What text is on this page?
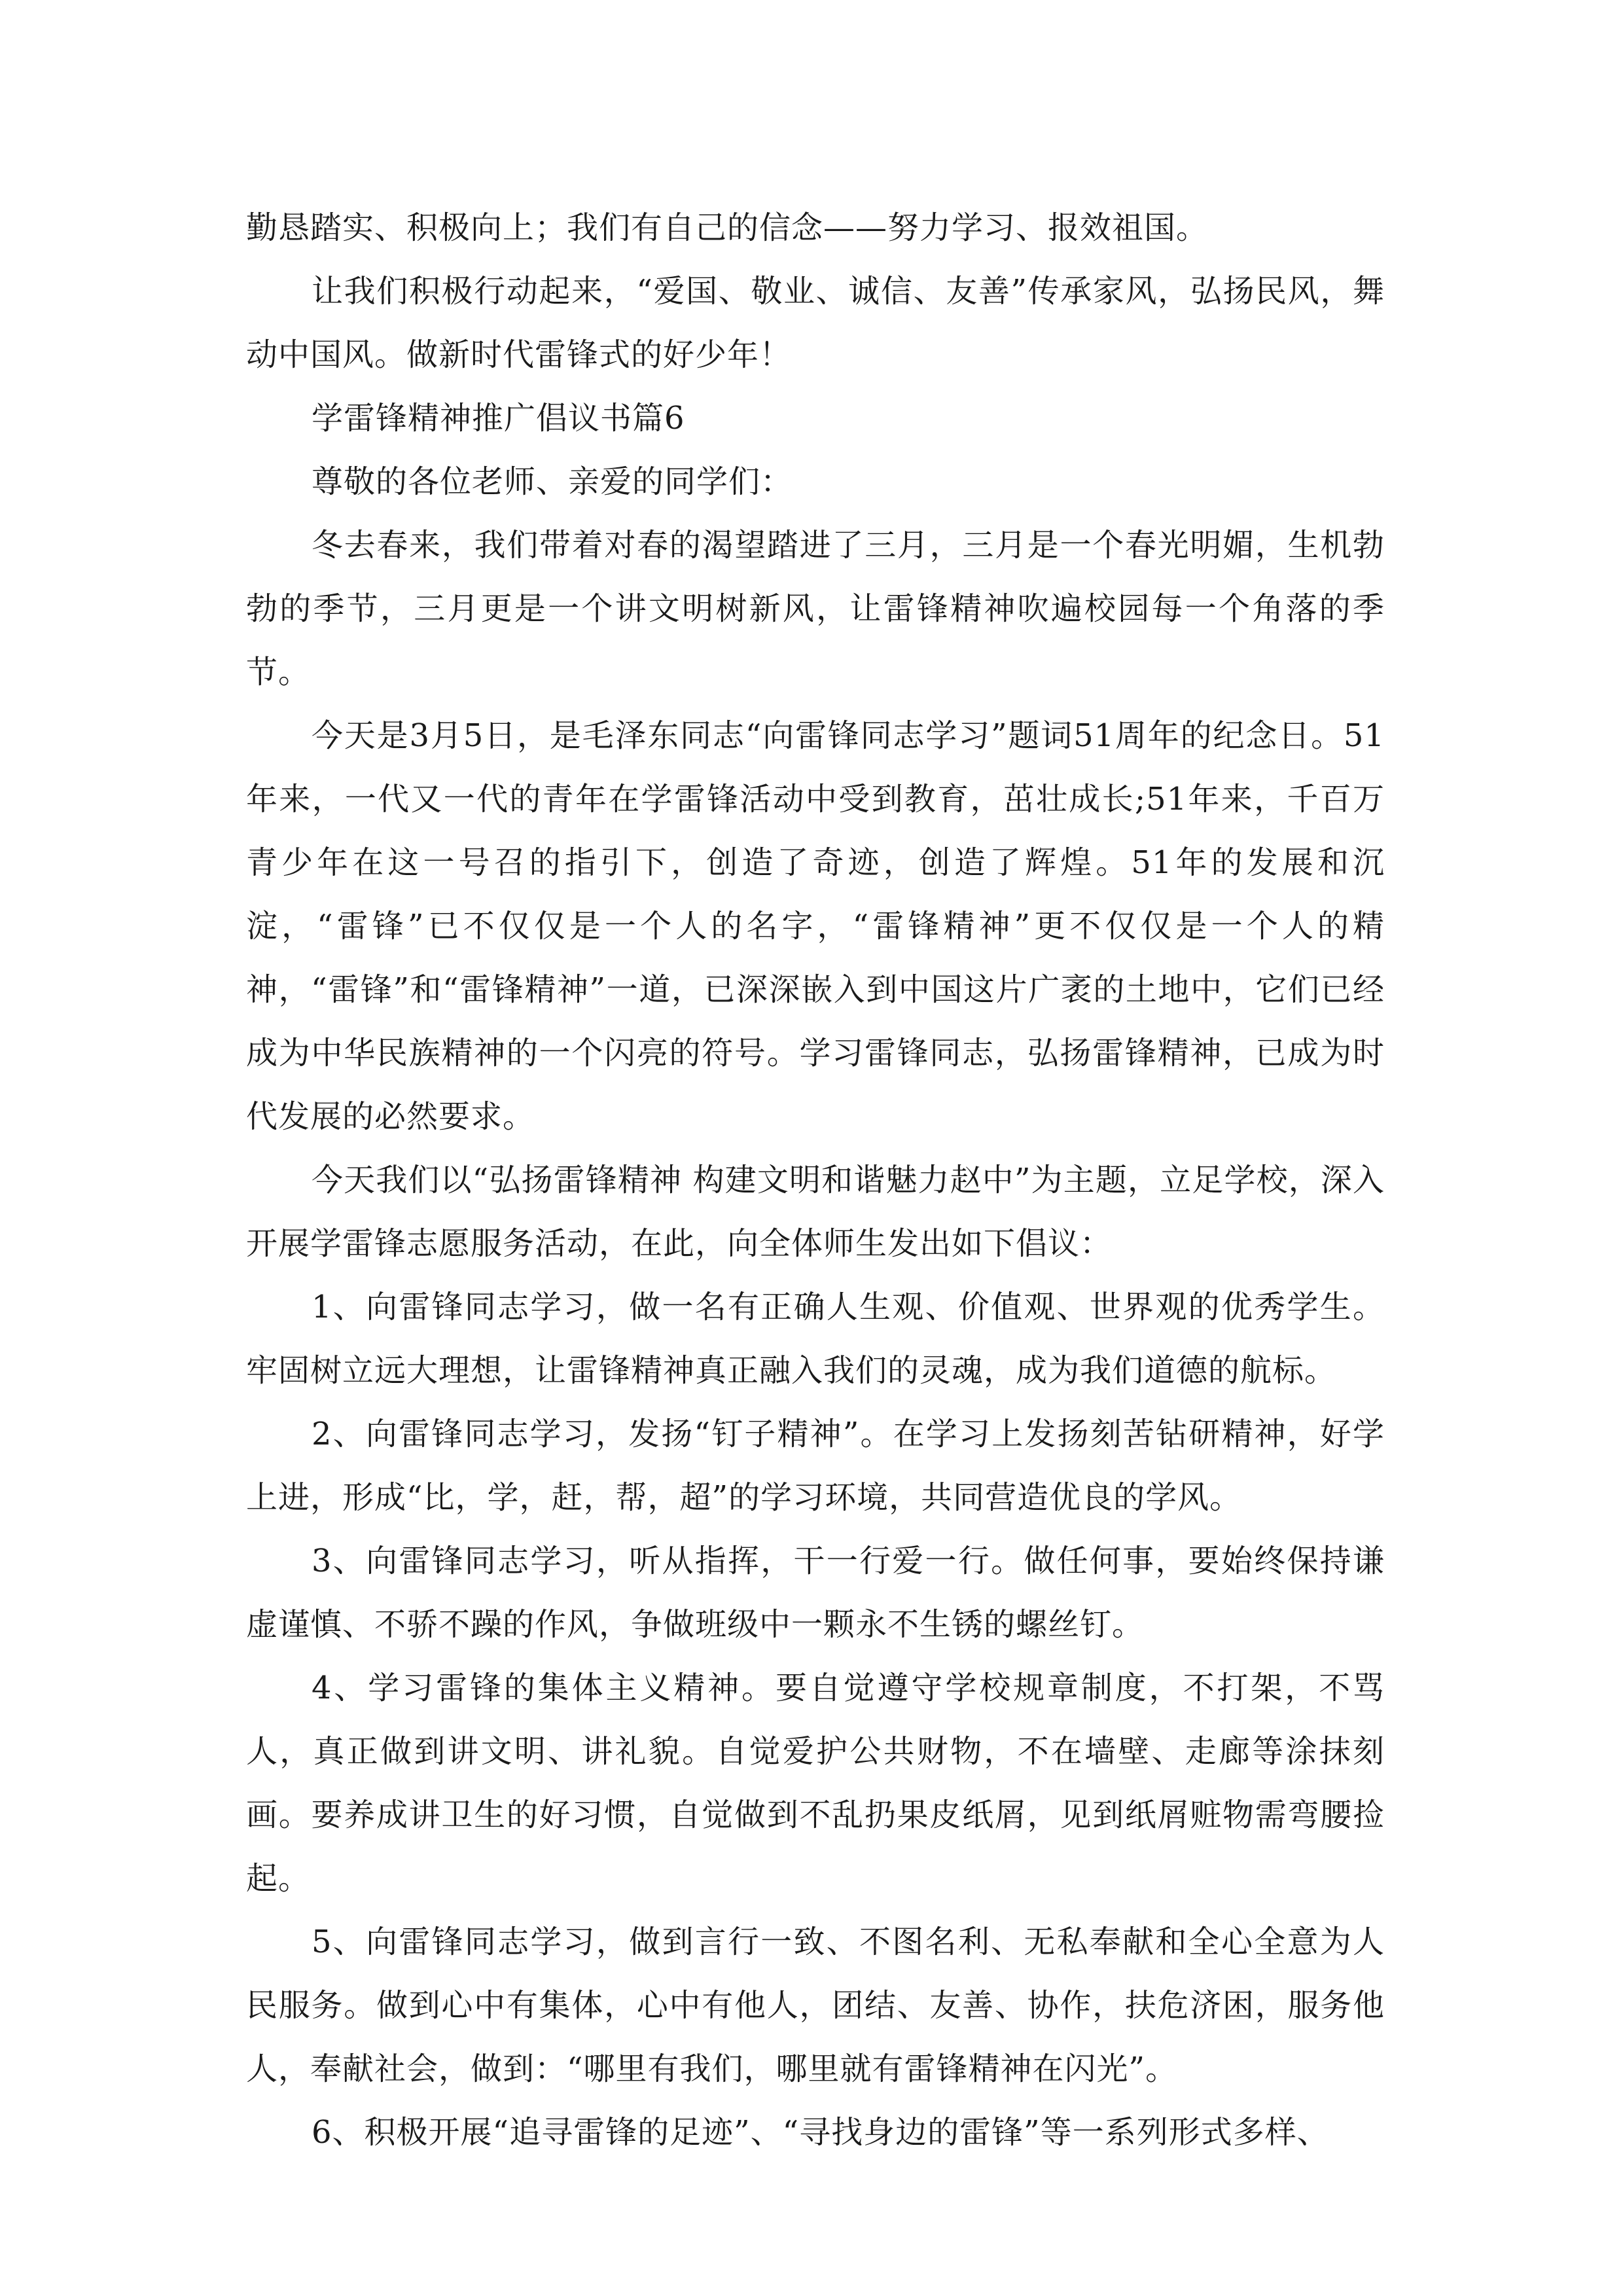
勤恳踏实、积极向上；我们有自己的信念——努力学习、报效祖国。

让我们积极行动起来，“爱国、敬业、诚信、友善”传承家风，弘扬民风，舞动中国风。做新时代雷锋式的好少年！

学雷锋精神推广倡议书篇6

尊敬的各位老师、亲爱的同学们：

冬去春来，我们带着对春的渴望踏进了三月，三月是一个春光明媚，生机勃勃的季节，三月更是一个讲文明树新风，让雷锋精神吹遍校园每一个角落的季节。

今天是3月5日，是毛泽东同志“向雷锋同志学习”题词51周年的纪念日。51年来，一代又一代的青年在学雷锋活动中受到教育，茁壮成长;51年来，千百万青少年在这一号召的指引下，创造了奇迹，创造了辉煌。51年的发展和沉淀，“雷锋”已不仅仅是一个人的名字，“雷锋精神”更不仅仅是一个人的精神，“雷锋”和“雷锋精神”一道，已深深嵌入到中国这片广袤的土地中，它们已经成为中华民族精神的一个闪亮的符号。学习雷锋同志，弘扬雷锋精神，已成为时代发展的必然要求。

今天我们以“弘扬雷锋精神 构建文明和谐魅力赵中”为主题，立足学校，深入开展学雷锋志愿服务活动，在此，向全体师生发出如下倡议：

1、向雷锋同志学习，做一名有正确人生观、价值观、世界观的优秀学生。牢固树立远大理想，让雷锋精神真正融入我们的灵魂，成为我们道德的航标。

2、向雷锋同志学习，发扬“钉子精神”。在学习上发扬刻苦钻研精神，好学上进，形成“比，学，赶，帮，超”的学习环境，共同营造优良的学风。

3、向雷锋同志学习，听从指挥，干一行爱一行。做任何事，要始终保持谦虚谨慎、不骄不躁的作风，争做班级中一颗永不生锈的螺丝钉。

4、学习雷锋的集体主义精神。要自觉遵守学校规章制度，不打架，不骂人，真正做到讲文明、讲礼貌。自觉爱护公共财物，不在墙壁、走廊等涂抹刻画。要养成讲卫生的好习惯，自觉做到不乱扔果皮纸屑，见到纸屑赃物需弯腰捡起。

5、向雷锋同志学习，做到言行一致、不图名利、无私奉献和全心全意为人民服务。做到心中有集体，心中有他人，团结、友善、协作，扶危济困，服务他人，奉献社会，做到：“哪里有我们，哪里就有雷锋精神在闪光”。

6、积极开展“追寻雷锋的足迹”、“寻找身边的雷锋”等一系列形式多样、
